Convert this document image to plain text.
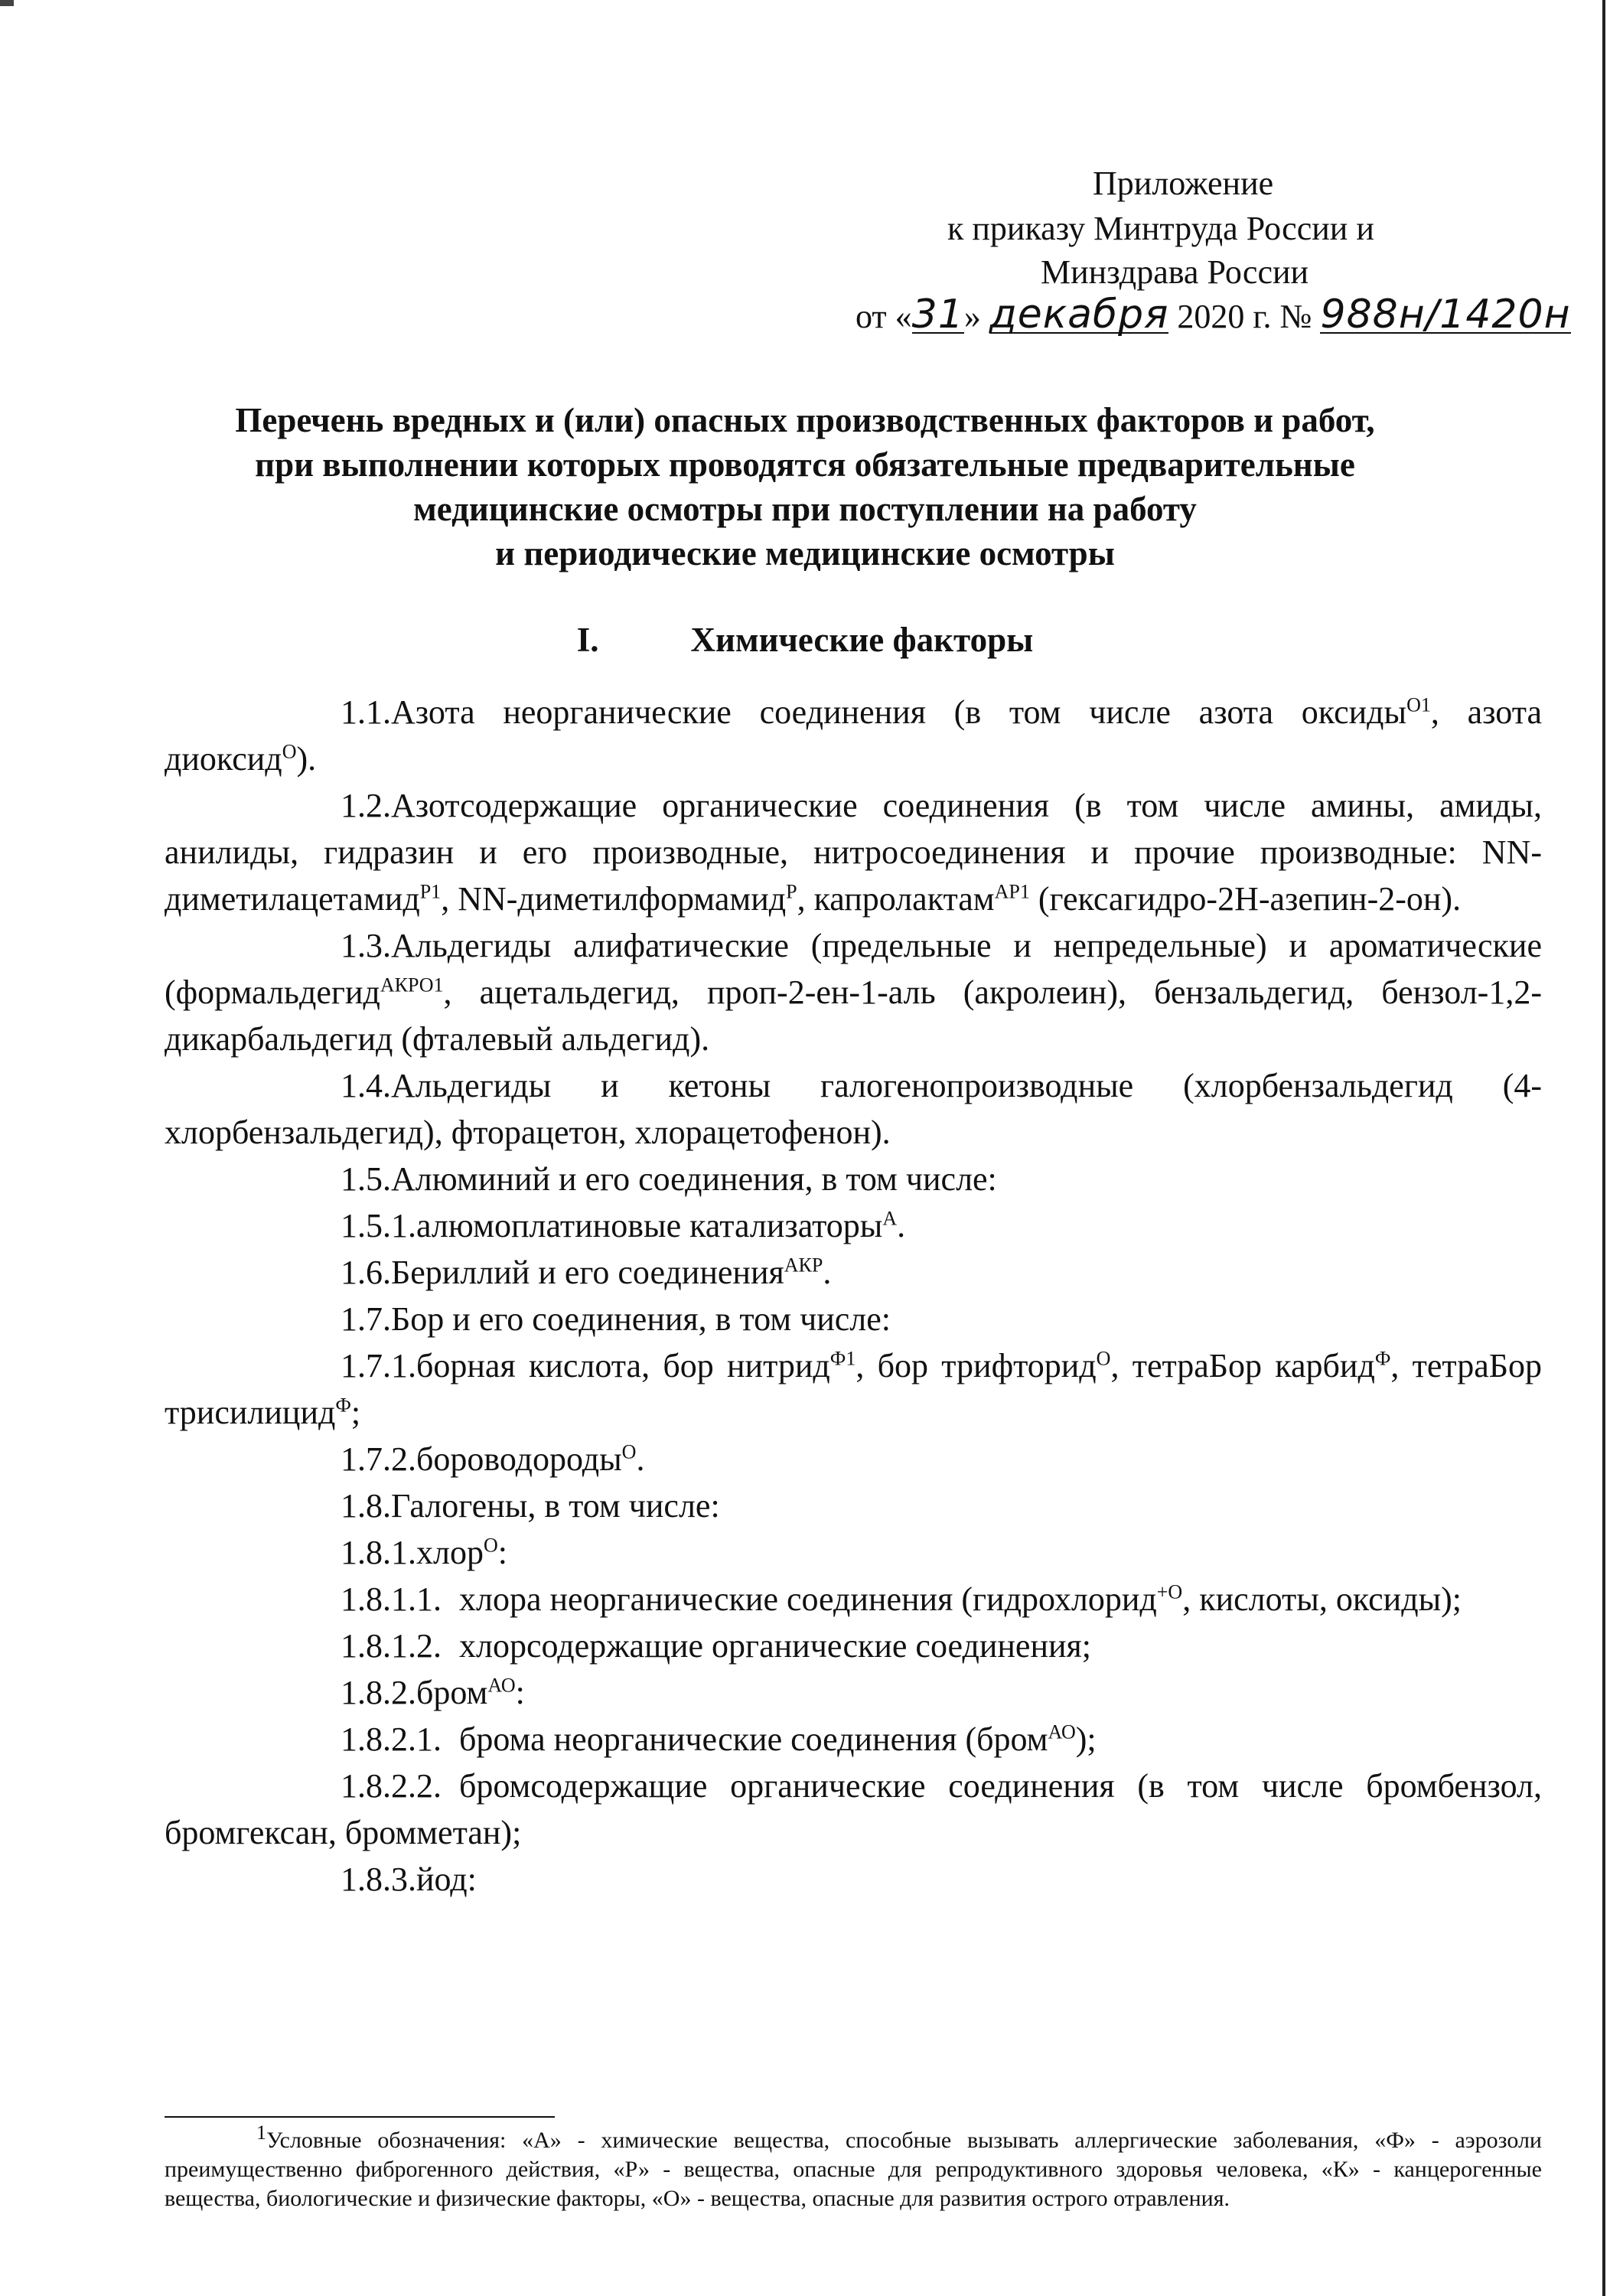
Приложение
к приказу Минтруда России и
Минздрава России
от «31» декабря 2020 г. № 988н/1420н
Перечень вредных и (или) опасных производственных факторов и работ,
при выполнении которых проводятся обязательные предварительные
медицинские осмотры при поступлении на работу
и периодические медицинские осмотры
I.	Химические факторы

1.1.Азота неорганические соединения (в том числе азота оксиды$^{О1}$, азота диоксид$^О$).

1.2.Азотсодержащие органические соединения (в том числе амины, амиды, анилиды, гидразин и его производные, нитросоединения и прочие производные: NN-диметилацетамид$^{Р1}$, NN-диметилформамид$^Р$, капролактам$^{АР1}$ (гексагидро-2Н-азепин-2-он).

1.3.Альдегиды алифатические (предельные и непредельные) и ароматические (формальдегид$^{АКРО1}$, ацетальдегид, проп-2-ен-1-аль (акролеин), бензальдегид, бензол-1,2-дикарбальдегид (фталевый альдегид).

1.4.Альдегиды и кетоны галогенопроизводные (хлорбензальдегид (4-хлорбензальдегид), фторацетон, хлорацетофенон).

1.5.Алюминий и его соединения, в том числе:

1.5.1.алюмоплатиновые катализаторы$^А$.

1.6.Бериллий и его соединения$^{АКР}$.

1.7.Бор и его соединения, в том числе:

1.7.1.борная кислота, бор нитрид$^{Ф1}$, бор трифторид$^О$, тетраБор карбид$^Ф$, тетраБор трисилицид$^Ф$;

1.7.2.бороводороды$^О$.

1.8.Галогены, в том числе:

1.8.1.хлор$^О$:

1.8.1.1. хлора неорганические соединения (гидрохлорид$^{+О}$, кислоты, оксиды);

1.8.1.2. хлорсодержащие органические соединения;

1.8.2.бром$^{АО}$:

1.8.2.1. брома неорганические соединения (бром$^{АО}$);

1.8.2.2. бромсодержащие органические соединения (в том числе бромбензол, бромгексан, бромметан);

1.8.3.йод:

$^1$Условные обозначения: «А» - химические вещества, способные вызывать аллергические заболевания, «Ф» - аэрозоли преимущественно фиброгенного действия, «Р» - вещества, опасные для репродуктивного здоровья человека, «К» - канцерогенные вещества, биологические и физические факторы, «О» - вещества, опасные для развития острого отравления.
